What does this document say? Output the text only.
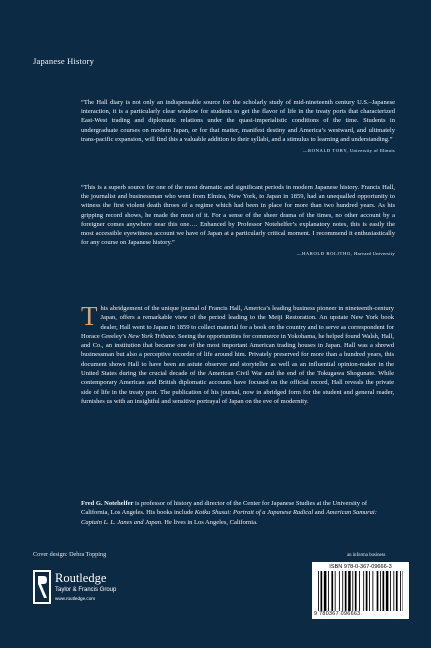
Japanese History
“The Hall diary is not only an indispensable source for the scholarly study of mid-nineteenth century U.S.–Japanese interaction, it is a particularly clear window for students to get the flavor of life in the treaty ports that characterized East-West trading and diplomatic relations under the quasi-imperialistic conditions of the time. Students in undergraduate courses on modern Japan, or for that matter, manifest destiny and America’s westward, and ultimately trans-pacific expansion, will find this a valuable addition to their syllabi, and a stimulus to learning and understanding.”
—RONALD TOBY, University of Illinois
“This is a superb source for one of the most dramatic and significant periods in modern Japanese history. Francis Hall, the journalist and businessman who went from Elmira, New York, to Japan in 1859, had an unequalled opportunity to witness the first violent death throes of a regime which had been in place for more than two hundred years. As his gripping record shows, he made the most of it. For a sense of the sheer drama of the times, no other account by a foreigner comes anywhere near this one…. Enhanced by Professor Notehelfer’s explanatory notes, this is easily the most accessible eyewitness account we have of Japan at a particularly critical moment. I recommend it enthusiastically for any course on Japanese history.”
—HAROLD BOLITHO, Harvard University
This abridgement of the unique journal of Francis Hall, America’s leading business pioneer in nineteenth-century Japan, offers a remarkable view of the period leading to the Meiji Restoration. An upstate New York book dealer, Hall went to Japan in 1859 to collect material for a book on the country and to serve as correspondent for Horace Greeley’s New York Tribune. Seeing the opportunities for commerce in Yokohama, he helped found Walsh, Hall, and Co., an institution that became one of the most important American trading houses in Japan. Hall was a shrewd businessman but also a perceptive recorder of life around him. Privately preserved for more than a hundred years, this document shows Hall to have been an astute observer and storyteller as well as an influential opinion-maker in the United States during the crucial decade of the American Civil War and the end of the Tokugawa Shogunate. While contemporary American and British diplomatic accounts have focused on the official record, Hall reveals the private side of life in the treaty port. The publication of his journal, now in abridged form for the student and general reader, furnishes us with an insightful and sensitive portrayal of Japan on the eve of modernity.
Fred G. Notehelfer is professor of history and director of the Center for Japanese Studies at the University of California, Los Angeles. His books include Kotku Shusui: Portrait of a Japanese Radical and American Samurai: Captain L. L. Janes and Japan. He lives in Los Angeles, California.
Cover design: Debra Topping	an informa business
Routledge
Taylor & Francis Group
www.routledge.com
ISBN 978-0-367-09666-3
9 780367 096663
